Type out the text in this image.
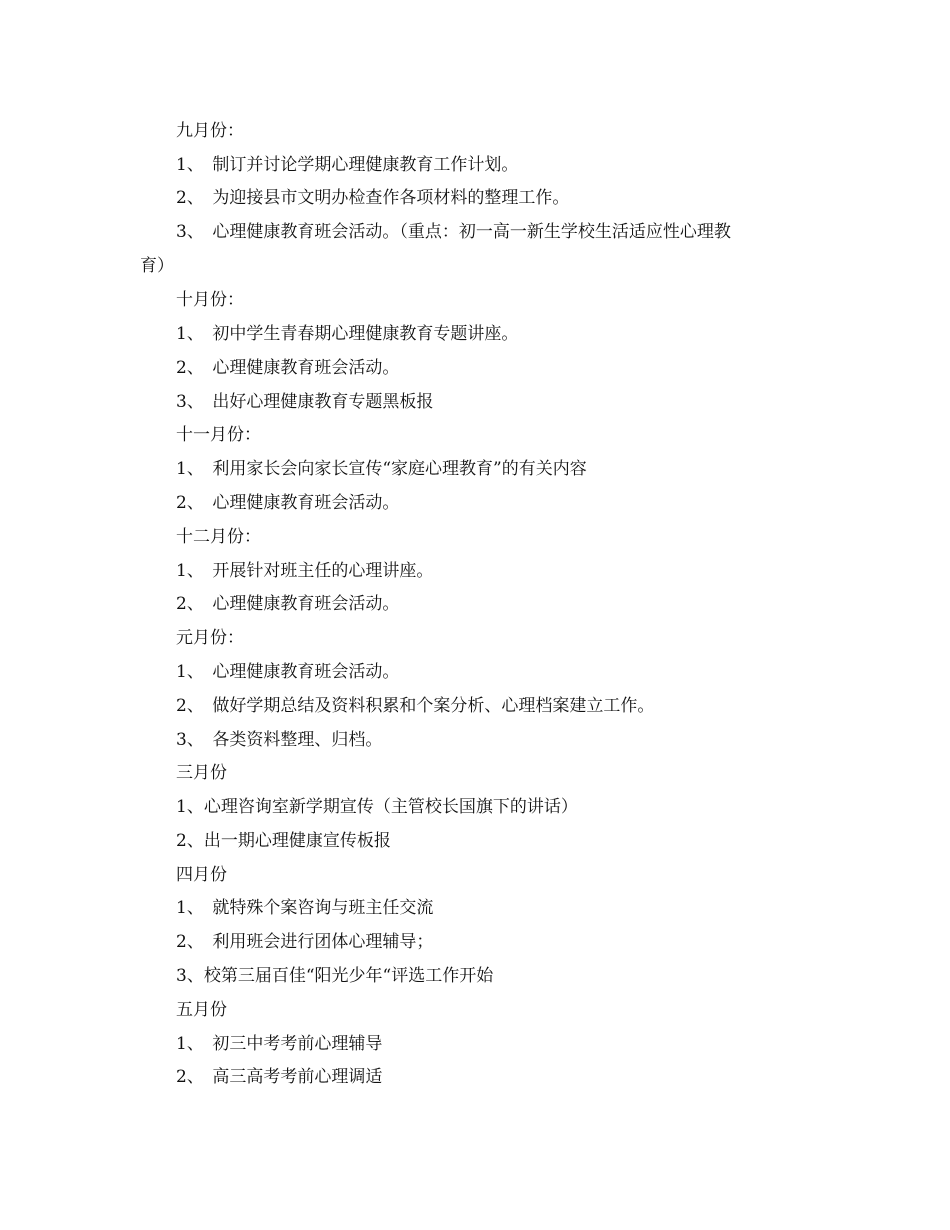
九月份：
1、　制订并讨论学期心理健康教育工作计划。
2、　为迎接县市文明办检查作各项材料的整理工作。
3、　心理健康教育班会活动。（重点：初一高一新生学校生活适应性心理教
育）
十月份：
1、　初中学生青春期心理健康教育专题讲座。
2、　心理健康教育班会活动。
3、　出好心理健康教育专题黑板报
十一月份：
1、　利用家长会向家长宣传“家庭心理教育”的有关内容
2、　心理健康教育班会活动。
十二月份：
1、　开展针对班主任的心理讲座。
2、　心理健康教育班会活动。
元月份：
1、　心理健康教育班会活动。
2、　做好学期总结及资料积累和个案分析、心理档案建立工作。
3、　各类资料整理、归档。
三月份
1、心理咨询室新学期宣传（主管校长国旗下的讲话）
2、出一期心理健康宣传板报
四月份
1、　就特殊个案咨询与班主任交流
2、　利用班会进行团体心理辅导；
3、校第三届百佳“阳光少年“评选工作开始
五月份
1、　初三中考考前心理辅导
2、　高三高考考前心理调适
